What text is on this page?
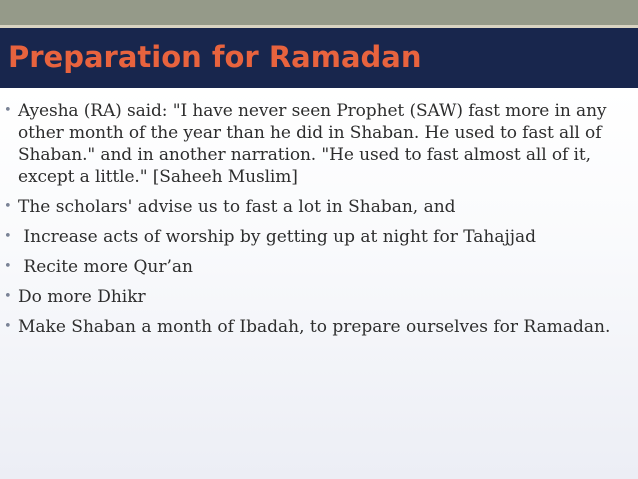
Preparation for Ramadan
• Ayesha (RA) said: "I have never seen Prophet (SAW) fast more in any other month of the year than he did in Shaban. He used to fast all of Shaban." and in another narration. "He used to fast almost all of it, except a little." [Saheeh Muslim]
• The scholars' advise us to fast a lot in Shaban, and
• Increase acts of worship by getting up at night for Tahajjad
• Recite more Qur’an
• Do more Dhikr
• Make Shaban a month of Ibadah, to prepare ourselves for Ramadan.
